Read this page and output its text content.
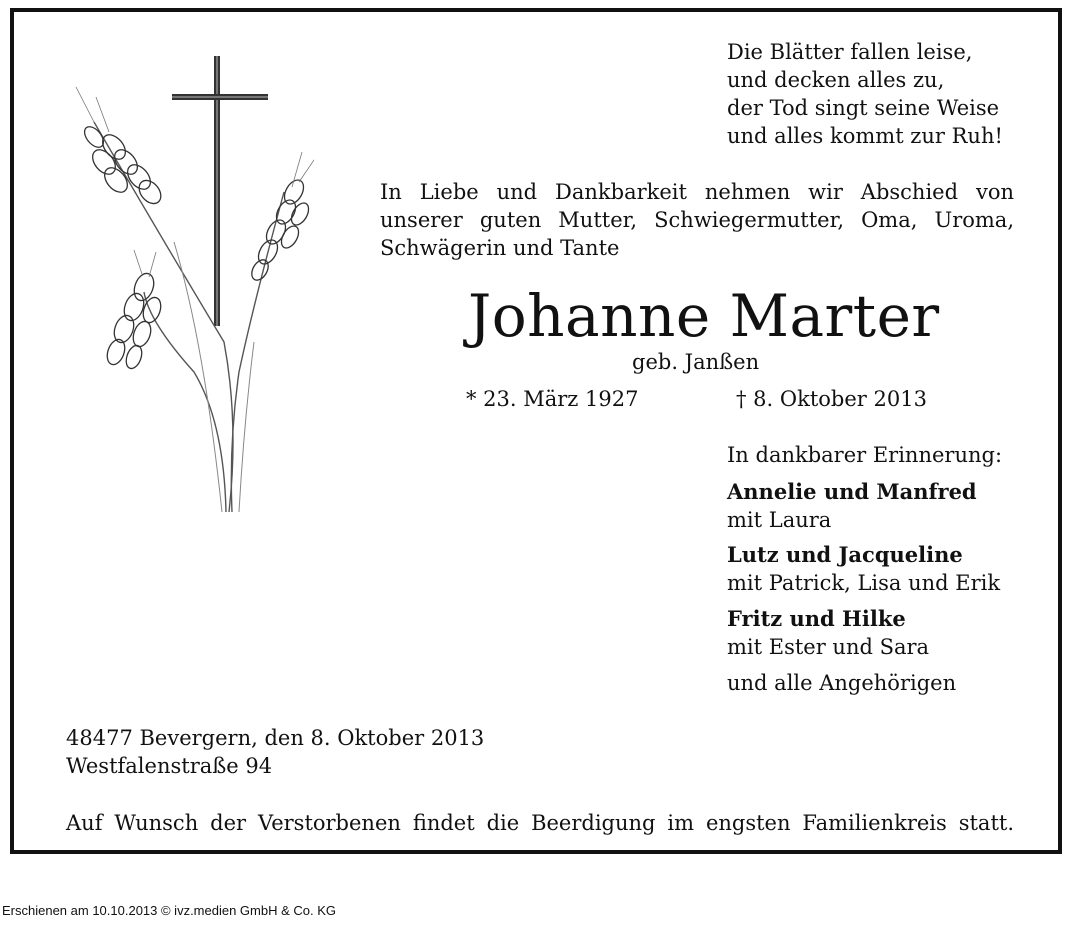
Die Blätter fallen leise,
und decken alles zu,
der Tod singt seine Weise
und alles kommt zur Ruh!
In Liebe und Dankbarkeit nehmen wir Abschied von unserer guten Mutter, Schwiegermutter, Oma, Uroma, Schwägerin und Tante
Johanne Marter
geb. Janßen
* 23. März 1927	† 8. Oktober 2013
In dankbarer Erinnerung:
Annelie und Manfred
mit Laura
Lutz und Jacqueline
mit Patrick, Lisa und Erik
Fritz und Hilke
mit Ester und Sara
und alle Angehörigen
48477 Bevergern, den 8. Oktober 2013
Westfalenstraße 94
Auf Wunsch der Verstorbenen findet die Beerdigung im engsten Familienkreis statt.
Erschienen am 10.10.2013 © ivz.medien GmbH & Co. KG
